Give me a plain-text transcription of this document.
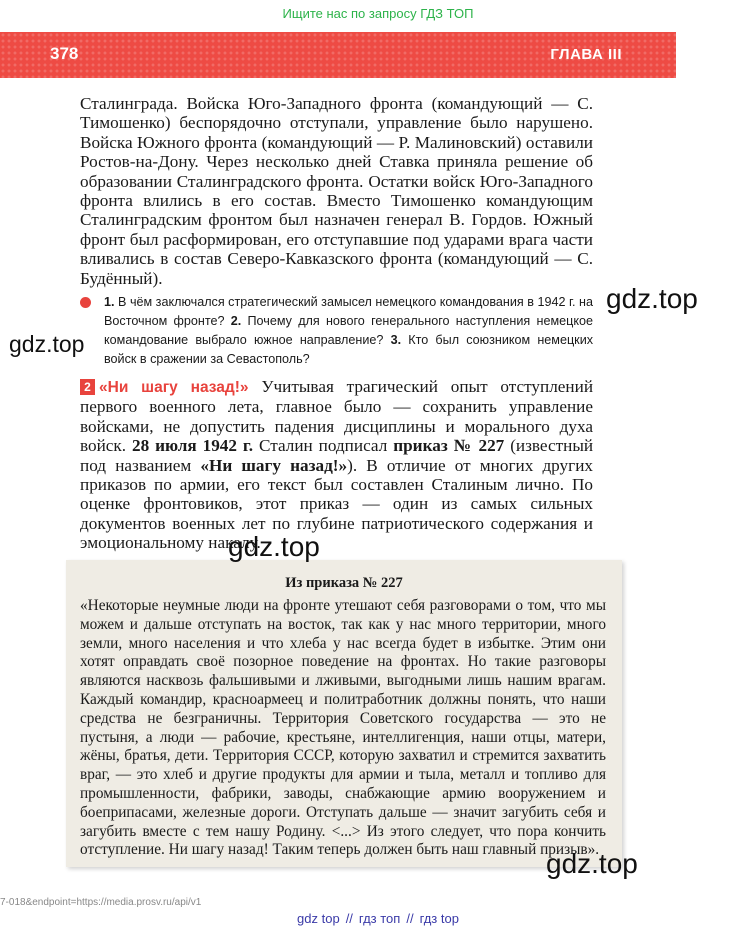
Ищите нас по запросу ГДЗ ТОП
378	ГЛАВА III

Сталинграда. Войска Юго-Западного фронта (командующий — С. Тимошенко) беспорядочно отступали, управление было нарушено. Войска Южного фронта (командующий — Р. Малиновский) оставили Ростов-на-Дону. Через несколько дней Ставка приняла решение об образовании Сталинградского фронта. Остатки войск Юго-Западного фронта влились в его состав. Вместо Тимошенко командующим Сталинградским фронтом был назначен генерал В. Гордов. Южный фронт был расформирован, его отступавшие под ударами врага части вливались в состав Северо-Кавказского фронта (командующий — С. Будённый).

1. В чём заключался стратегический замысел немецкого командования в 1942 г. на Восточном фронте? 2. Почему для нового генерального наступления немецкое командование выбрало южное направление? 3. Кто был союзником немецких войск в сражении за Севастополь?

2 «Ни шагу назад!» Учитывая трагический опыт отступлений первого военного лета, главное было — сохранить управление войсками, не допустить падения дисциплины и морального духа войск. 28 июля 1942 г. Сталин подписал приказ № 227 (известный под названием «Ни шагу назад!»). В отличие от многих других приказов по армии, его текст был составлен Сталиным лично. По оценке фронтовиков, этот приказ — один из самых сильных документов военных лет по глубине патриотического содержания и эмоциональному накалу.

Из приказа № 227

«Некоторые неумные люди на фронте утешают себя разговорами о том, что мы можем и дальше отступать на восток, так как у нас много территории, много земли, много населения и что хлеба у нас всегда будет в избытке. Этим они хотят оправдать своё позорное поведение на фронтах. Но такие разговоры являются насквозь фальшивыми и лживыми, выгодными лишь нашим врагам. Каждый командир, красноармеец и политработник должны понять, что наши средства не безграничны. Территория Советского государства — это не пустыня, а люди — рабочие, крестьяне, интеллигенция, наши отцы, матери, жёны, братья, дети. Территория СССР, которую захватил и стремится захватить враг, — это хлеб и другие продукты для армии и тыла, металл и топливо для промышленности, фабрики, заводы, снабжающие армию вооружением и боеприпасами, железные дороги. Отступать дальше — значит загубить себя и загубить вместе с тем нашу Родину. <...> Из этого следует, что пора кончить отступление. Ни шагу назад! Таким теперь должен быть наш главный призыв».

gdz.top
gdz.top
gdz.top
gdz.top
7-018&endpoint=https://media.prosv.ru/api/v1
gdz top // гдз топ // гдз top
